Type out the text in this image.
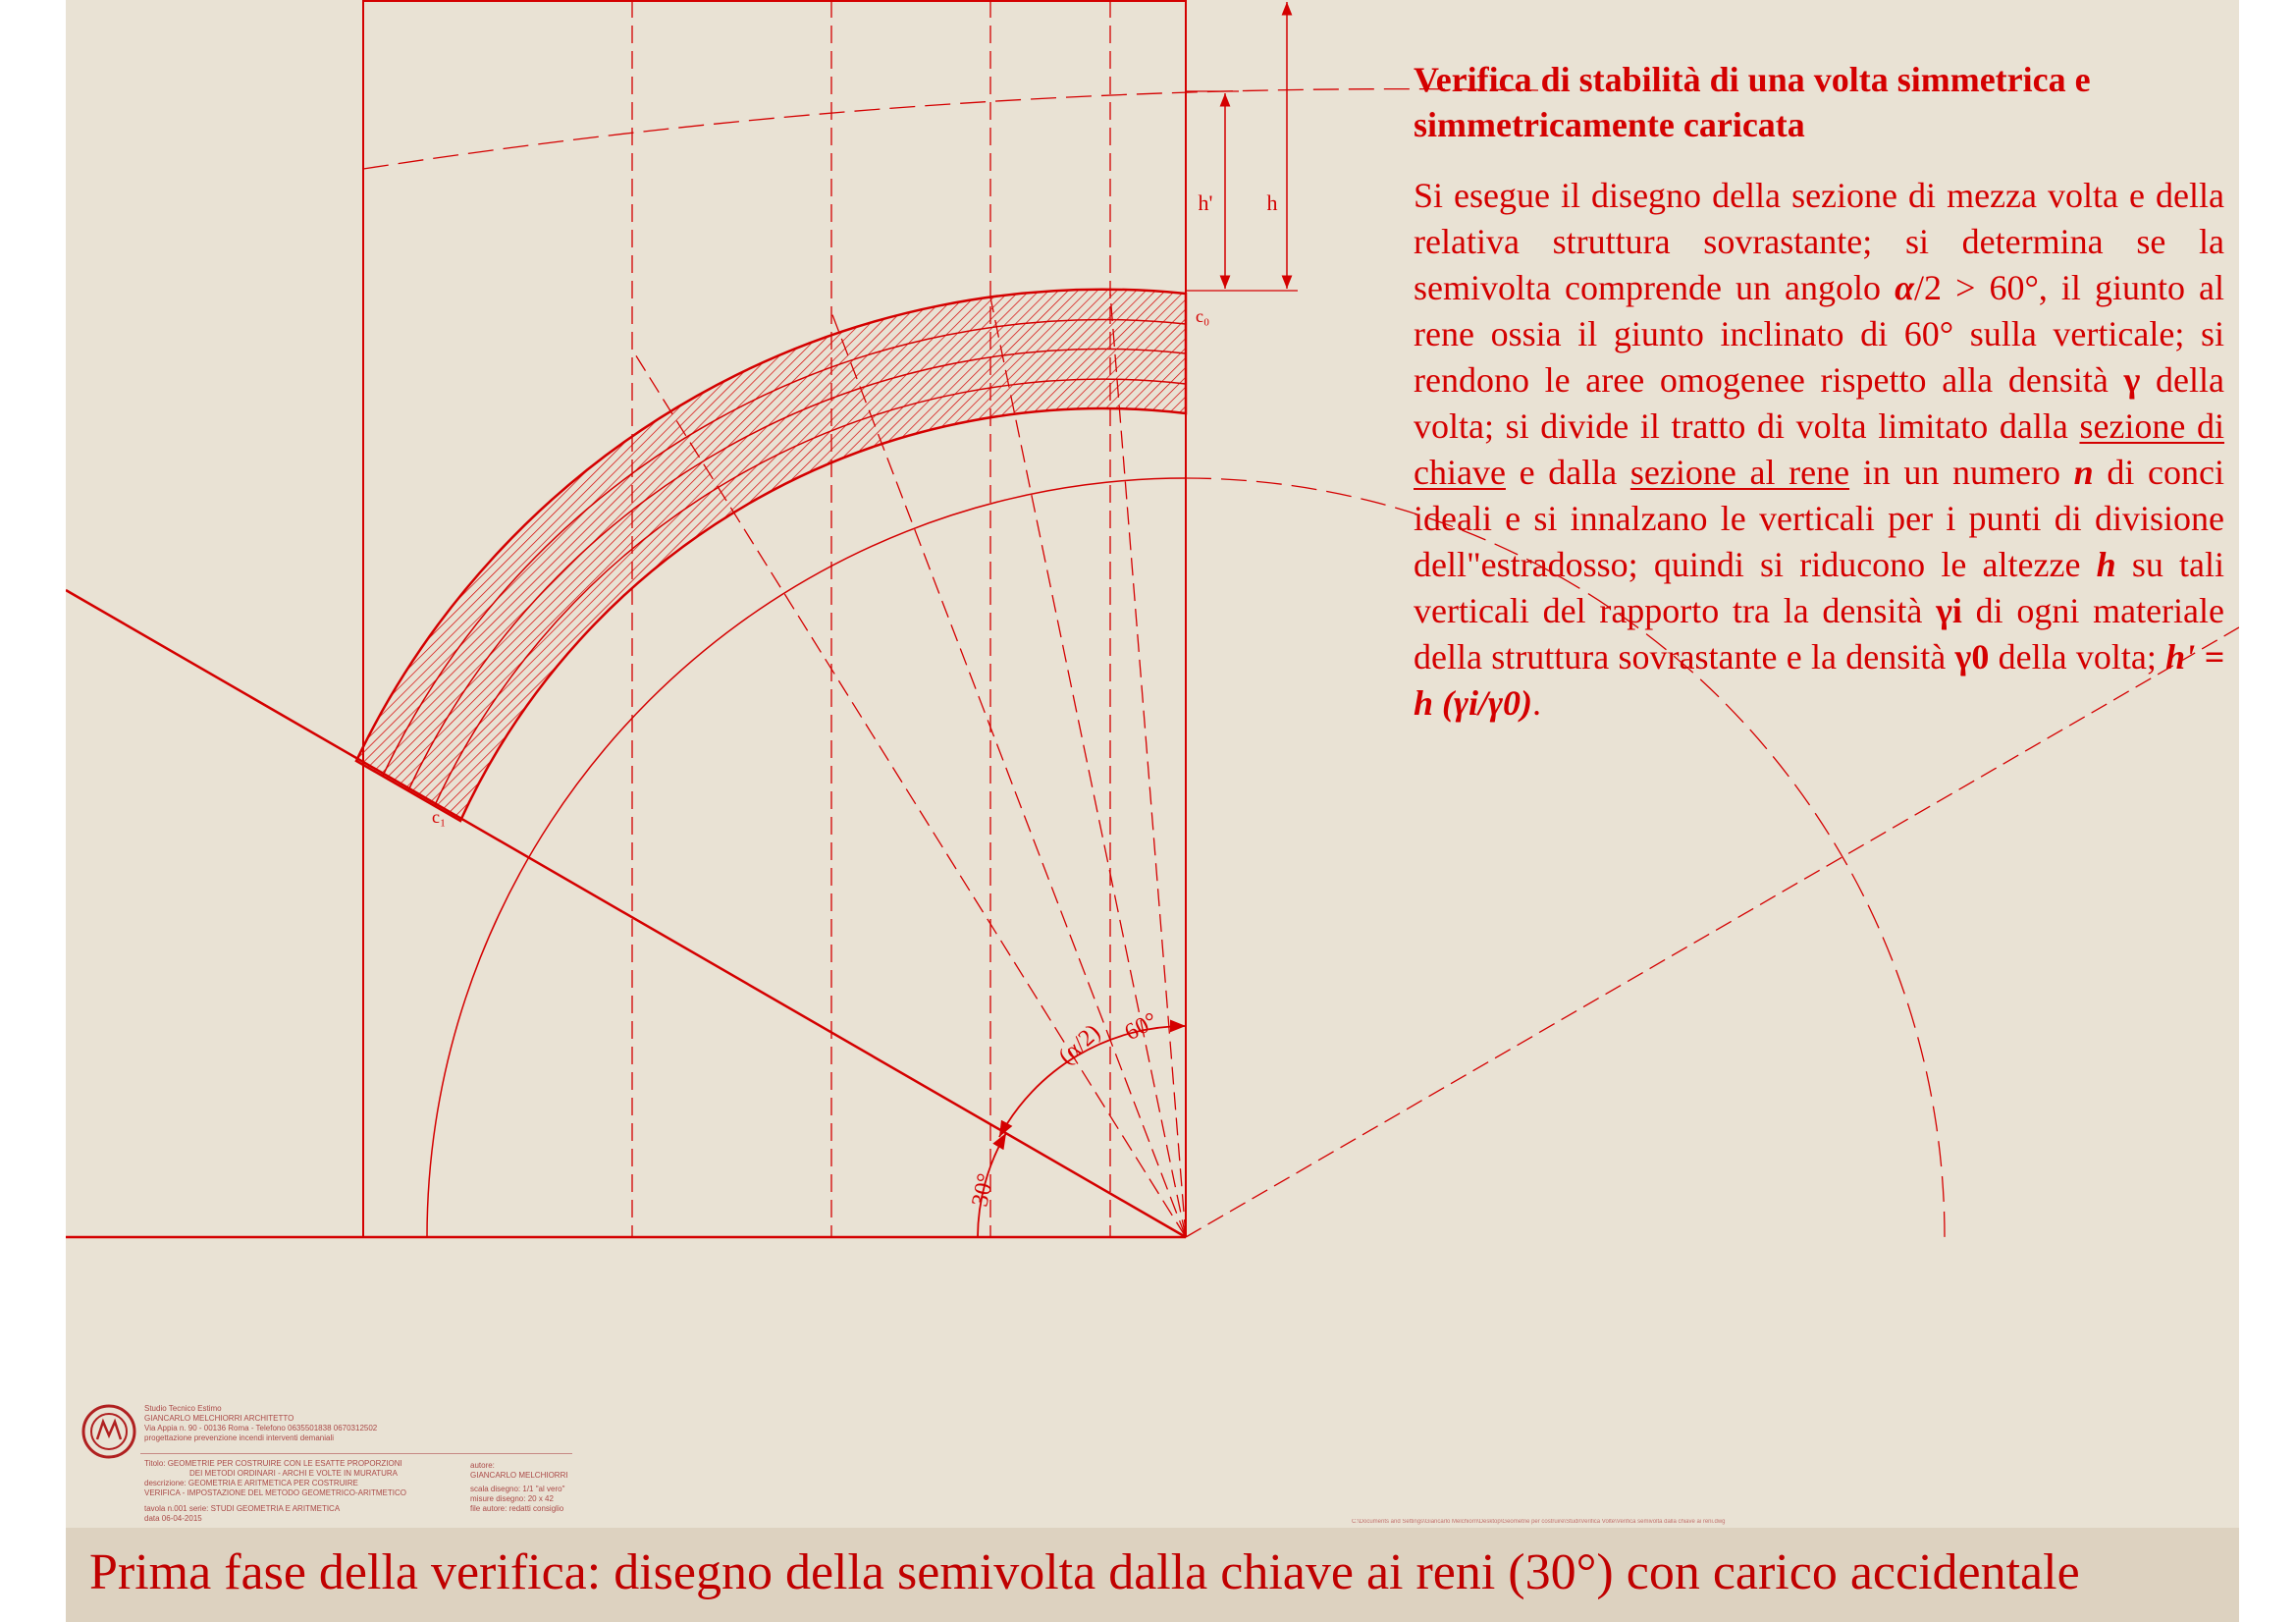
h'	h
c₀
c₁
(α/2) 60°
30°
Verifica di stabilità di una volta simmetrica e simmetricamente caricata

Si esegue il disegno della sezione di mezza volta e della relativa struttura sovrastante; si determina se la semivolta comprende un angolo α/2 > 60°, il giunto al rene ossia il giunto inclinato di 60° sulla verticale; si rendono le aree omogenee rispetto alla densità γ della volta; si divide il tratto di volta limitato dalla sezione di chiave e dalla sezione al rene in un numero n di conci ideali e si innalzano le verticali per i punti di divisione dell"estradosso; quindi si riducono le altezze h su tali verticali del rapporto tra la densità γi di ogni materiale della struttura sovrastante e la densità γ0 della volta; h' = h (γi/γ0).

Studio Tecnico Estimo
GIANCARLO MELCHIORRI ARCHITETTO
Via Appia n. 90 - 00136 Roma - Telefono 0635501838 0670312502
progettazione prevenzione incendi interventi demaniali
Titolo: GEOMETRIE PER COSTRUIRE CON LE ESATTE PROPORZIONI
DEI METODI ORDINARI - ARCHI E VOLTE IN MURATURA
descrizione: GEOMETRIA E ARITMETICA PER COSTRUIRE
VERIFICA - IMPOSTAZIONE DEL METODO GEOMETRICO-ARITMETICO
tavola n.001 serie: STUDI GEOMETRIA E ARITMETICA
data 06-04-2015
autore:
GIANCARLO MELCHIORRI
scala disegno: 1/1 "al vero"
misure disegno: 20 x 42
file autore: redatti consiglio
C:\Documents and Settings\Giancarlo Melchiorri\Desktop\Geometrie per costruire\Studi\Verifica Volte\Verifica semivolta dalla chiave ai reni.dwg
Prima fase della verifica: disegno della semivolta dalla chiave ai reni (30°) con carico accidentale
